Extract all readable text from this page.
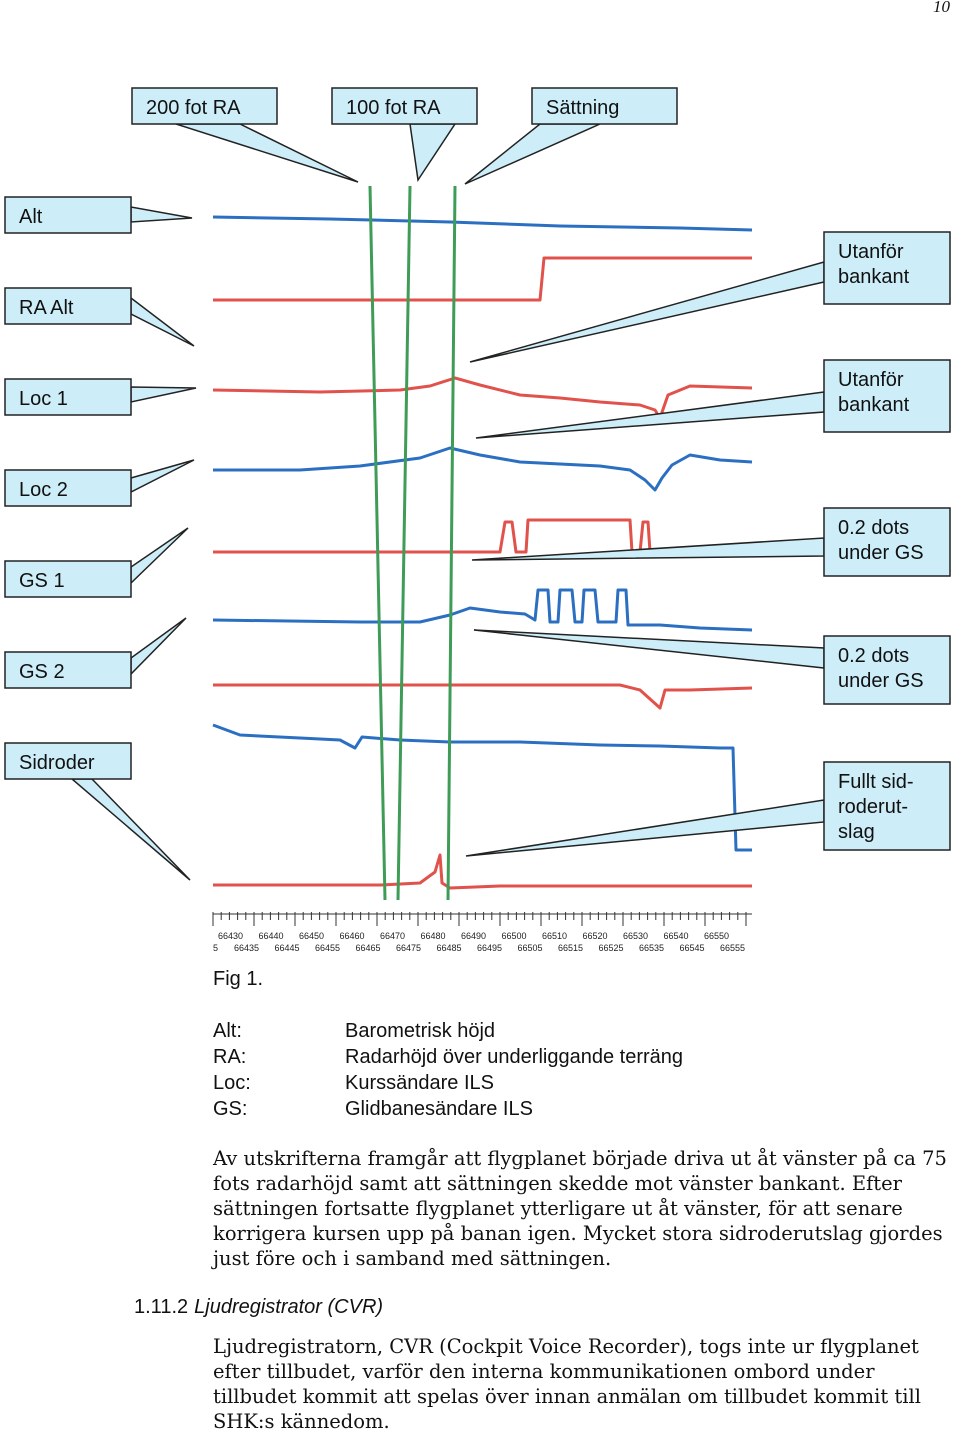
10
200 fot RA	100 fot RA	Sättning
Alt
RA Alt
Loc 1
Loc 2
GS 1
GS 2
Sidroder
Utanför
bankant
Utanför
bankant
0.2 dots
under GS
0.2 dots
under GS
Fullt sid-
roderut-
slag
5
66430 66440 66450 66460 66470 66480 66490 66500 66510 66520 66530 66540 66550
66435 66445 66455 66465 66475 66485 66495 66505 66515 66525 66535 66545 66555
Fig 1.
Alt:	Barometrisk höjd
RA:	Radarhöjd över underliggande terräng
Loc:	Kurssändare ILS
GS:	Glidbanesändare ILS

Av utskrifterna framgår att flygplanet började driva ut åt vänster på ca 75 fots radarhöjd samt att sättningen skedde mot vänster bankant. Efter sättningen fortsatte flygplanet ytterligare ut åt vänster, för att senare korrigera kursen upp på banan igen. Mycket stora sidroderutslag gjordes just före och i samband med sättningen.

1.11.2 Ljudregistrator (CVR)

Ljudregistratorn, CVR (Cockpit Voice Recorder), togs inte ur flygplanet efter tillbudet, varför den interna kommunikationen ombord under tillbudet kommit att spelas över innan anmälan om tillbudet kommit till SHK:s kännedom.
